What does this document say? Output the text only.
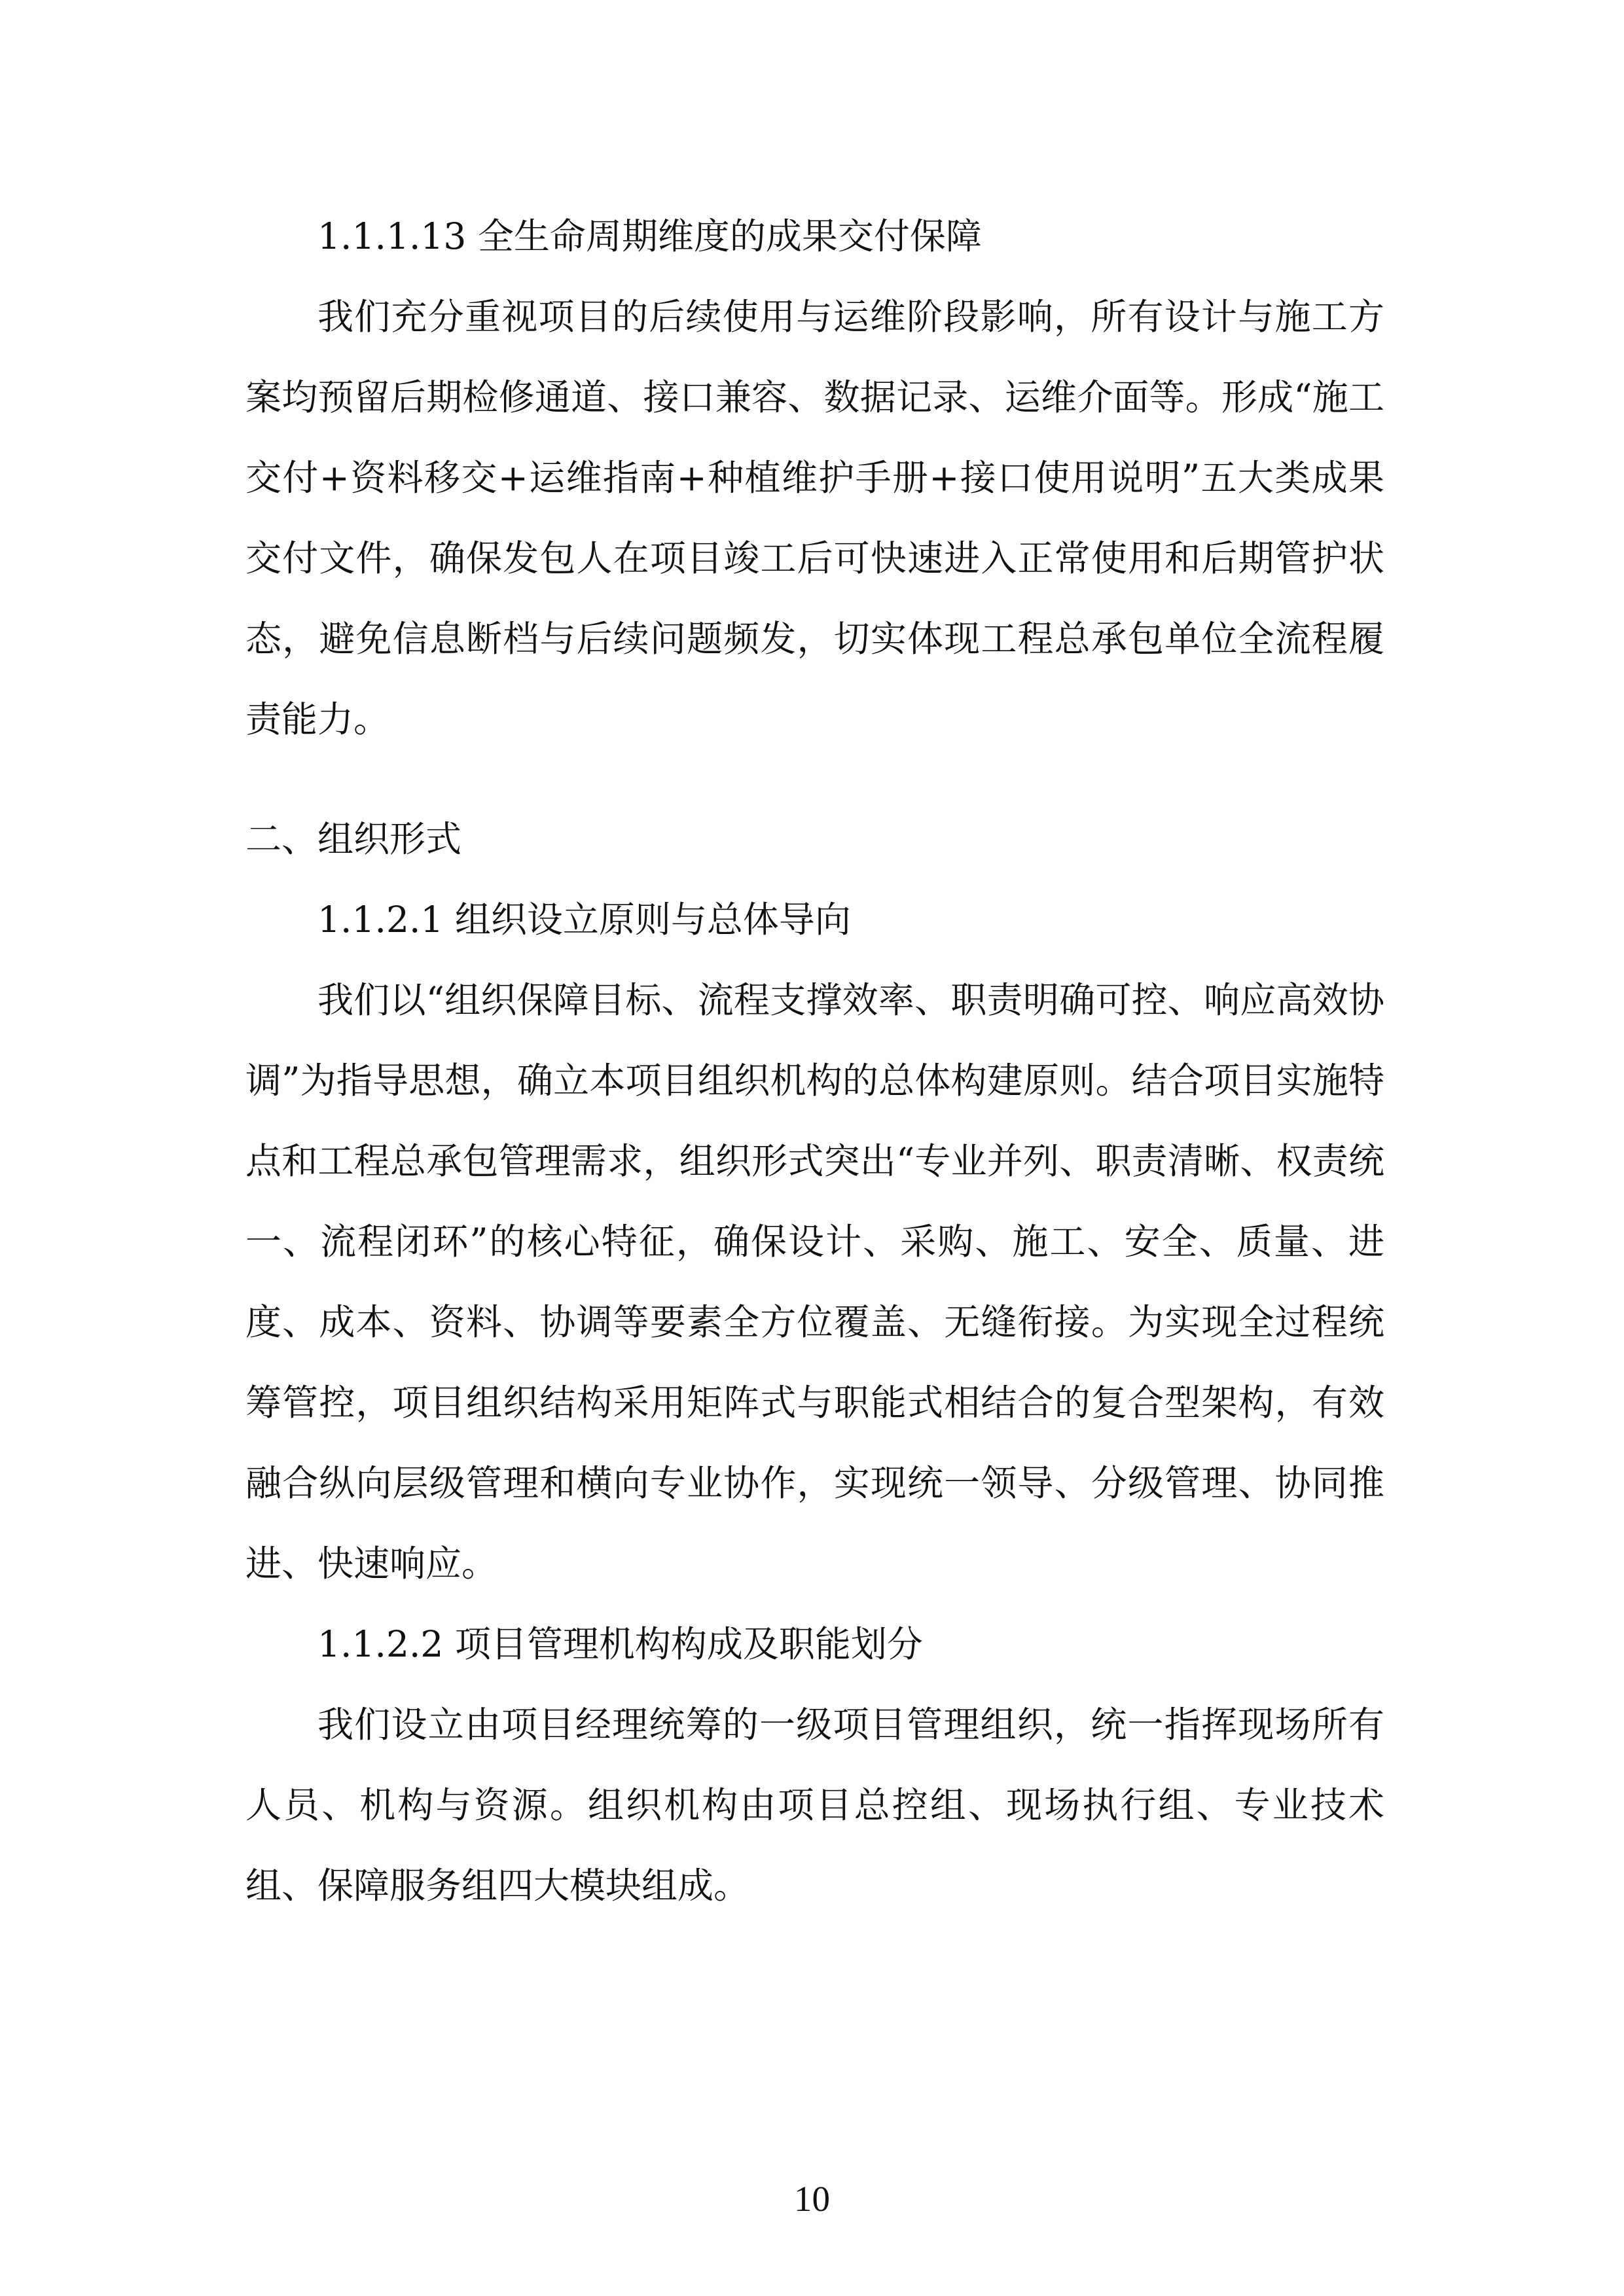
1.1.1.13 全生命周期维度的成果交付保障

我们充分重视项目的后续使用与运维阶段影响，所有设计与施工方案均预留后期检修通道、接口兼容、数据记录、运维介面等。形成“施工交付+资料移交+运维指南+种植维护手册+接口使用说明”五大类成果交付文件，确保发包人在项目竣工后可快速进入正常使用和后期管护状态，避免信息断档与后续问题频发，切实体现工程总承包单位全流程履责能力。

二、组织形式

1.1.2.1 组织设立原则与总体导向

我们以“组织保障目标、流程支撑效率、职责明确可控、响应高效协调”为指导思想，确立本项目组织机构的总体构建原则。结合项目实施特点和工程总承包管理需求，组织形式突出“专业并列、职责清晰、权责统一、流程闭环”的核心特征，确保设计、采购、施工、安全、质量、进度、成本、资料、协调等要素全方位覆盖、无缝衔接。为实现全过程统筹管控，项目组织结构采用矩阵式与职能式相结合的复合型架构，有效融合纵向层级管理和横向专业协作，实现统一领导、分级管理、协同推进、快速响应。

1.1.2.2 项目管理机构构成及职能划分

我们设立由项目经理统筹的一级项目管理组织，统一指挥现场所有人员、机构与资源。组织机构由项目总控组、现场执行组、专业技术组、保障服务组四大模块组成。

10
